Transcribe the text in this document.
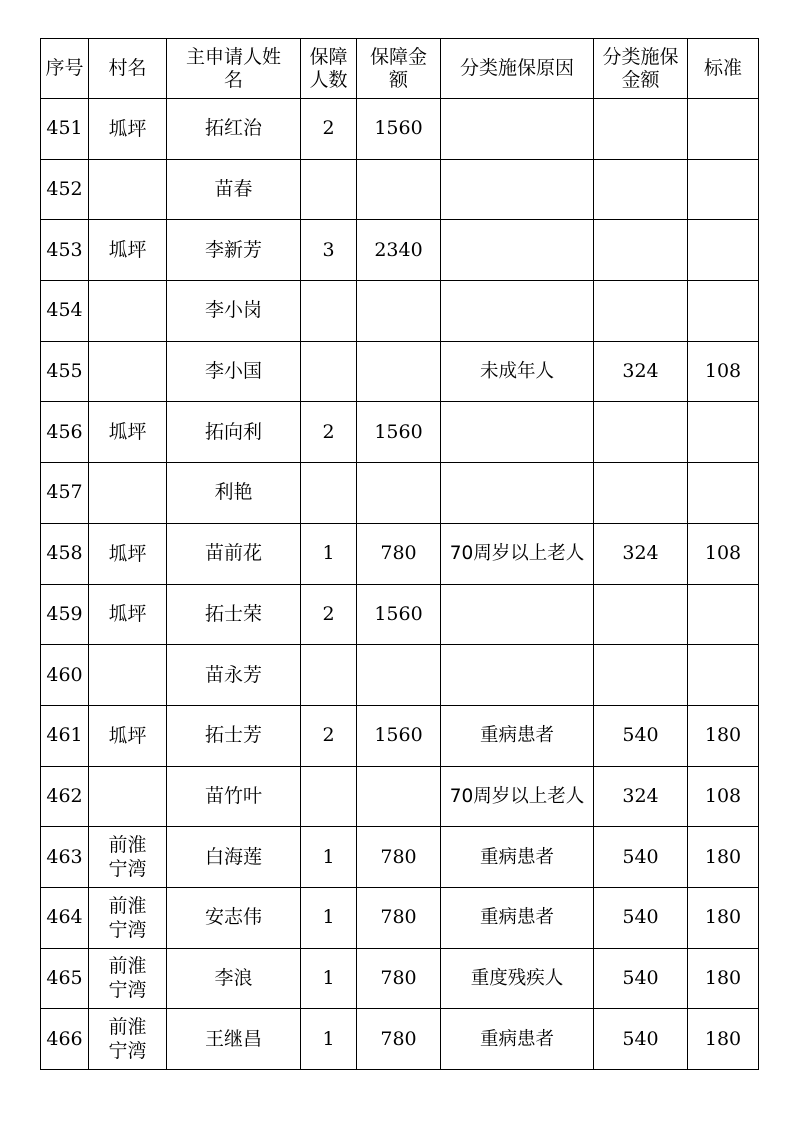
序号	村名	主申请人姓名	保障人数	保障金额	分类施保原因	分类施保金额	标准
451	坬坪	拓红治	2	1560			
452		苗春					
453	坬坪	李新芳	3	2340			
454		李小岗					
455		李小国			未成年人	324	108
456	坬坪	拓向利	2	1560			
457		利艳					
458	坬坪	苗前花	1	780	70周岁以上老人	324	108
459	坬坪	拓士荣	2	1560			
460		苗永芳					
461	坬坪	拓士芳	2	1560	重病患者	540	180
462		苗竹叶			70周岁以上老人	324	108
463	前淮宁湾	白海莲	1	780	重病患者	540	180
464	前淮宁湾	安志伟	1	780	重病患者	540	180
465	前淮宁湾	李浪	1	780	重度残疾人	540	180
466	前淮宁湾	王继昌	1	780	重病患者	540	180
